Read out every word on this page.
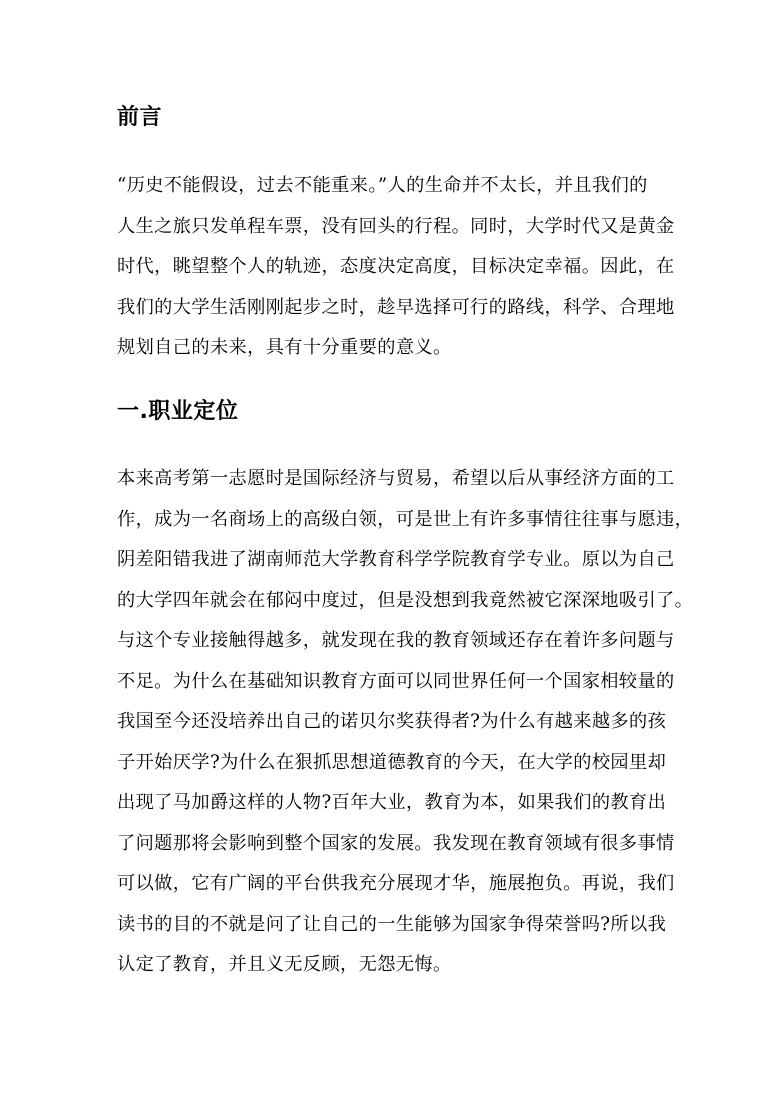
前言
“历史不能假设，过去不能重来。”人的生命并不太长，并且我们的
人生之旅只发单程车票，没有回头的行程。同时，大学时代又是黄金
时代，眺望整个人的轨迹，态度决定高度，目标决定幸福。因此，在
我们的大学生活刚刚起步之时，趁早选择可行的路线，科学、合理地
规划自己的未来，具有十分重要的意义。
一.职业定位
本来高考第一志愿时是国际经济与贸易，希望以后从事经济方面的工
作，成为一名商场上的高级白领，可是世上有许多事情往往事与愿违，
阴差阳错我进了湖南师范大学教育科学学院教育学专业。原以为自己
的大学四年就会在郁闷中度过，但是没想到我竟然被它深深地吸引了。
与这个专业接触得越多，就发现在我的教育领域还存在着许多问题与
不足。为什么在基础知识教育方面可以同世界任何一个国家相较量的
我国至今还没培养出自己的诺贝尔奖获得者?为什么有越来越多的孩
子开始厌学?为什么在狠抓思想道德教育的今天，在大学的校园里却
出现了马加爵这样的人物?百年大业，教育为本，如果我们的教育出
了问题那将会影响到整个国家的发展。我发现在教育领域有很多事情
可以做，它有广阔的平台供我充分展现才华，施展抱负。再说，我们
读书的目的不就是问了让自己的一生能够为国家争得荣誉吗?所以我
认定了教育，并且义无反顾，无怨无悔。
